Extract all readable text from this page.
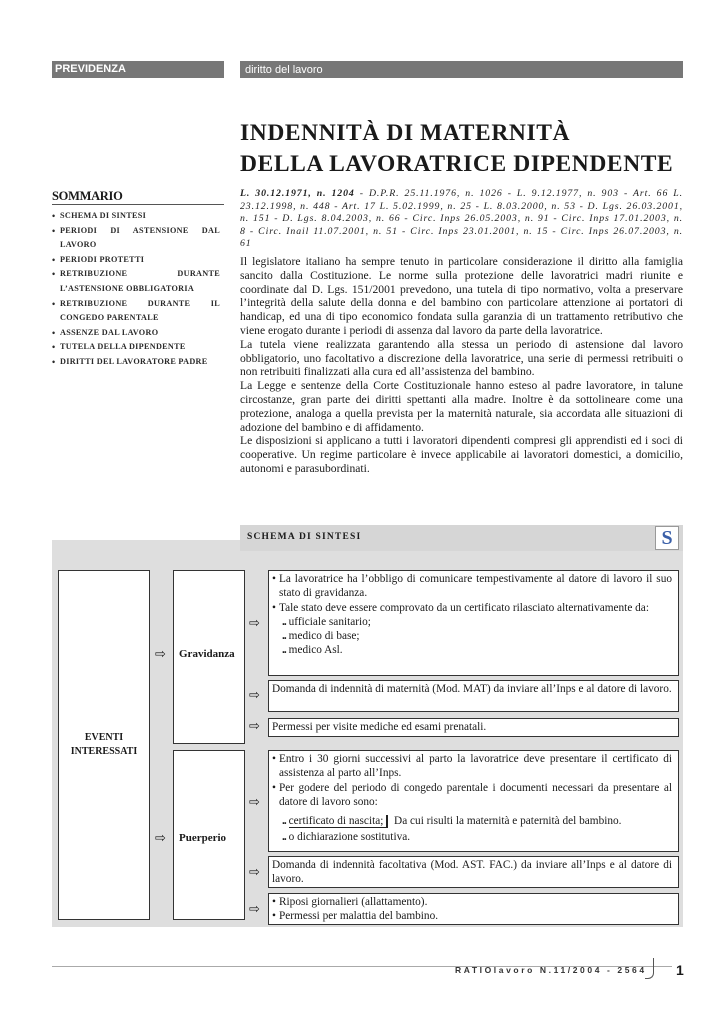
PREVIDENZA	diritto del lavoro
INDENNITÀ DI MATERNITÀ
DELLA LAVORATRICE DIPENDENTE
SOMMARIO
• SCHEMA DI SINTESI
• PERIODI DI ASTENSIONE DAL LAVORO
• PERIODI PROTETTI
• RETRIBUZIONE DURANTE L’ASTENSIONE OBBLIGATORIA
• RETRIBUZIONE DURANTE IL CONGEDO PARENTALE
• ASSENZE DAL LAVORO
• TUTELA DELLA DIPENDENTE
• DIRITTI DEL LAVORATORE PADRE
L. 30.12.1971, n. 1204 - D.P.R. 25.11.1976, n. 1026 - L. 9.12.1977, n. 903 - Art. 66 L. 23.12.1998, n. 448 - Art. 17 L. 5.02.1999, n. 25 - L. 8.03.2000, n. 53 - D. Lgs. 26.03.2001, n. 151 - D. Lgs. 8.04.2003, n. 66 - Circ. Inps 26.05.2003, n. 91 - Circ. Inps 17.01.2003, n. 8 - Circ. Inail 11.07.2001, n. 51 - Circ. Inps 23.01.2001, n. 15 - Circ. Inps 26.07.2003, n. 61

Il legislatore italiano ha sempre tenuto in particolare considerazione il diritto alla famiglia sancito dalla Costituzione. Le norme sulla protezione delle lavoratrici madri riunite e coordinate dal D. Lgs. 151/2001 prevedono, una tutela di tipo normativo, volta a preservare l’integrità della salute della donna e del bambino con particolare attenzione ai portatori di handicap, ed una di tipo economico fondata sulla garanzia di un trattamento retributivo che viene erogato durante i periodi di assenza dal lavoro da parte della lavoratrice.

La tutela viene realizzata garantendo alla stessa un periodo di astensione dal lavoro obbligatorio, uno facoltativo a discrezione della lavoratrice, una serie di permessi retribuiti o non retribuiti finalizzati alla cura ed all’assistenza del bambino.

La Legge e sentenze della Corte Costituzionale hanno esteso al padre lavoratore, in talune circostanze, gran parte dei diritti spettanti alla madre. Inoltre è da sottolineare come una protezione, analoga a quella prevista per la maternità naturale, sia accordata alle situazioni di adozione del bambino e di affidamento.

Le disposizioni si applicano a tutti i lavoratori dipendenti compresi gli apprendisti ed i soci di cooperative. Un regime particolare è invece applicabile ai lavoratori domestici, a domicilio, autonomi e parasubordinati.

SCHEMA DI SINTESI	S
EVENTI
INTERESSATI
⇨ Gravidanza
⇨
• La lavoratrice ha l’obbligo di comunicare tempestivamente al datore di lavoro il suo stato di gravidanza.
• Tale stato deve essere comprovato da un certificato rilasciato alternativamente da:
.. ufficiale sanitario;
.. medico di base;
.. medico Asl.
⇨	Domanda di indennità di maternità (Mod. MAT) da inviare all’Inps e al datore di lavoro.
⇨	Permessi per visite mediche ed esami prenatali.
⇨ Puerperio
⇨
• Entro i 30 giorni successivi al parto la lavoratrice deve presentare il certificato di assistenza al parto all’Inps.
• Per godere del periodo di congedo parentale i documenti necessari da presentare al datore di lavoro sono:
.. certificato di nascita; Da cui risulti la maternità e paternità del bambino.
.. o dichiarazione sostitutiva.
⇨	Domanda di indennità facoltativa (Mod. AST. FAC.) da inviare all’Inps e al datore di lavoro.
⇨
•	Riposi giornalieri (allattamento).
• Permessi per malattia del bambino.
RATIOlavoro N.11/2004 - 2564 1
